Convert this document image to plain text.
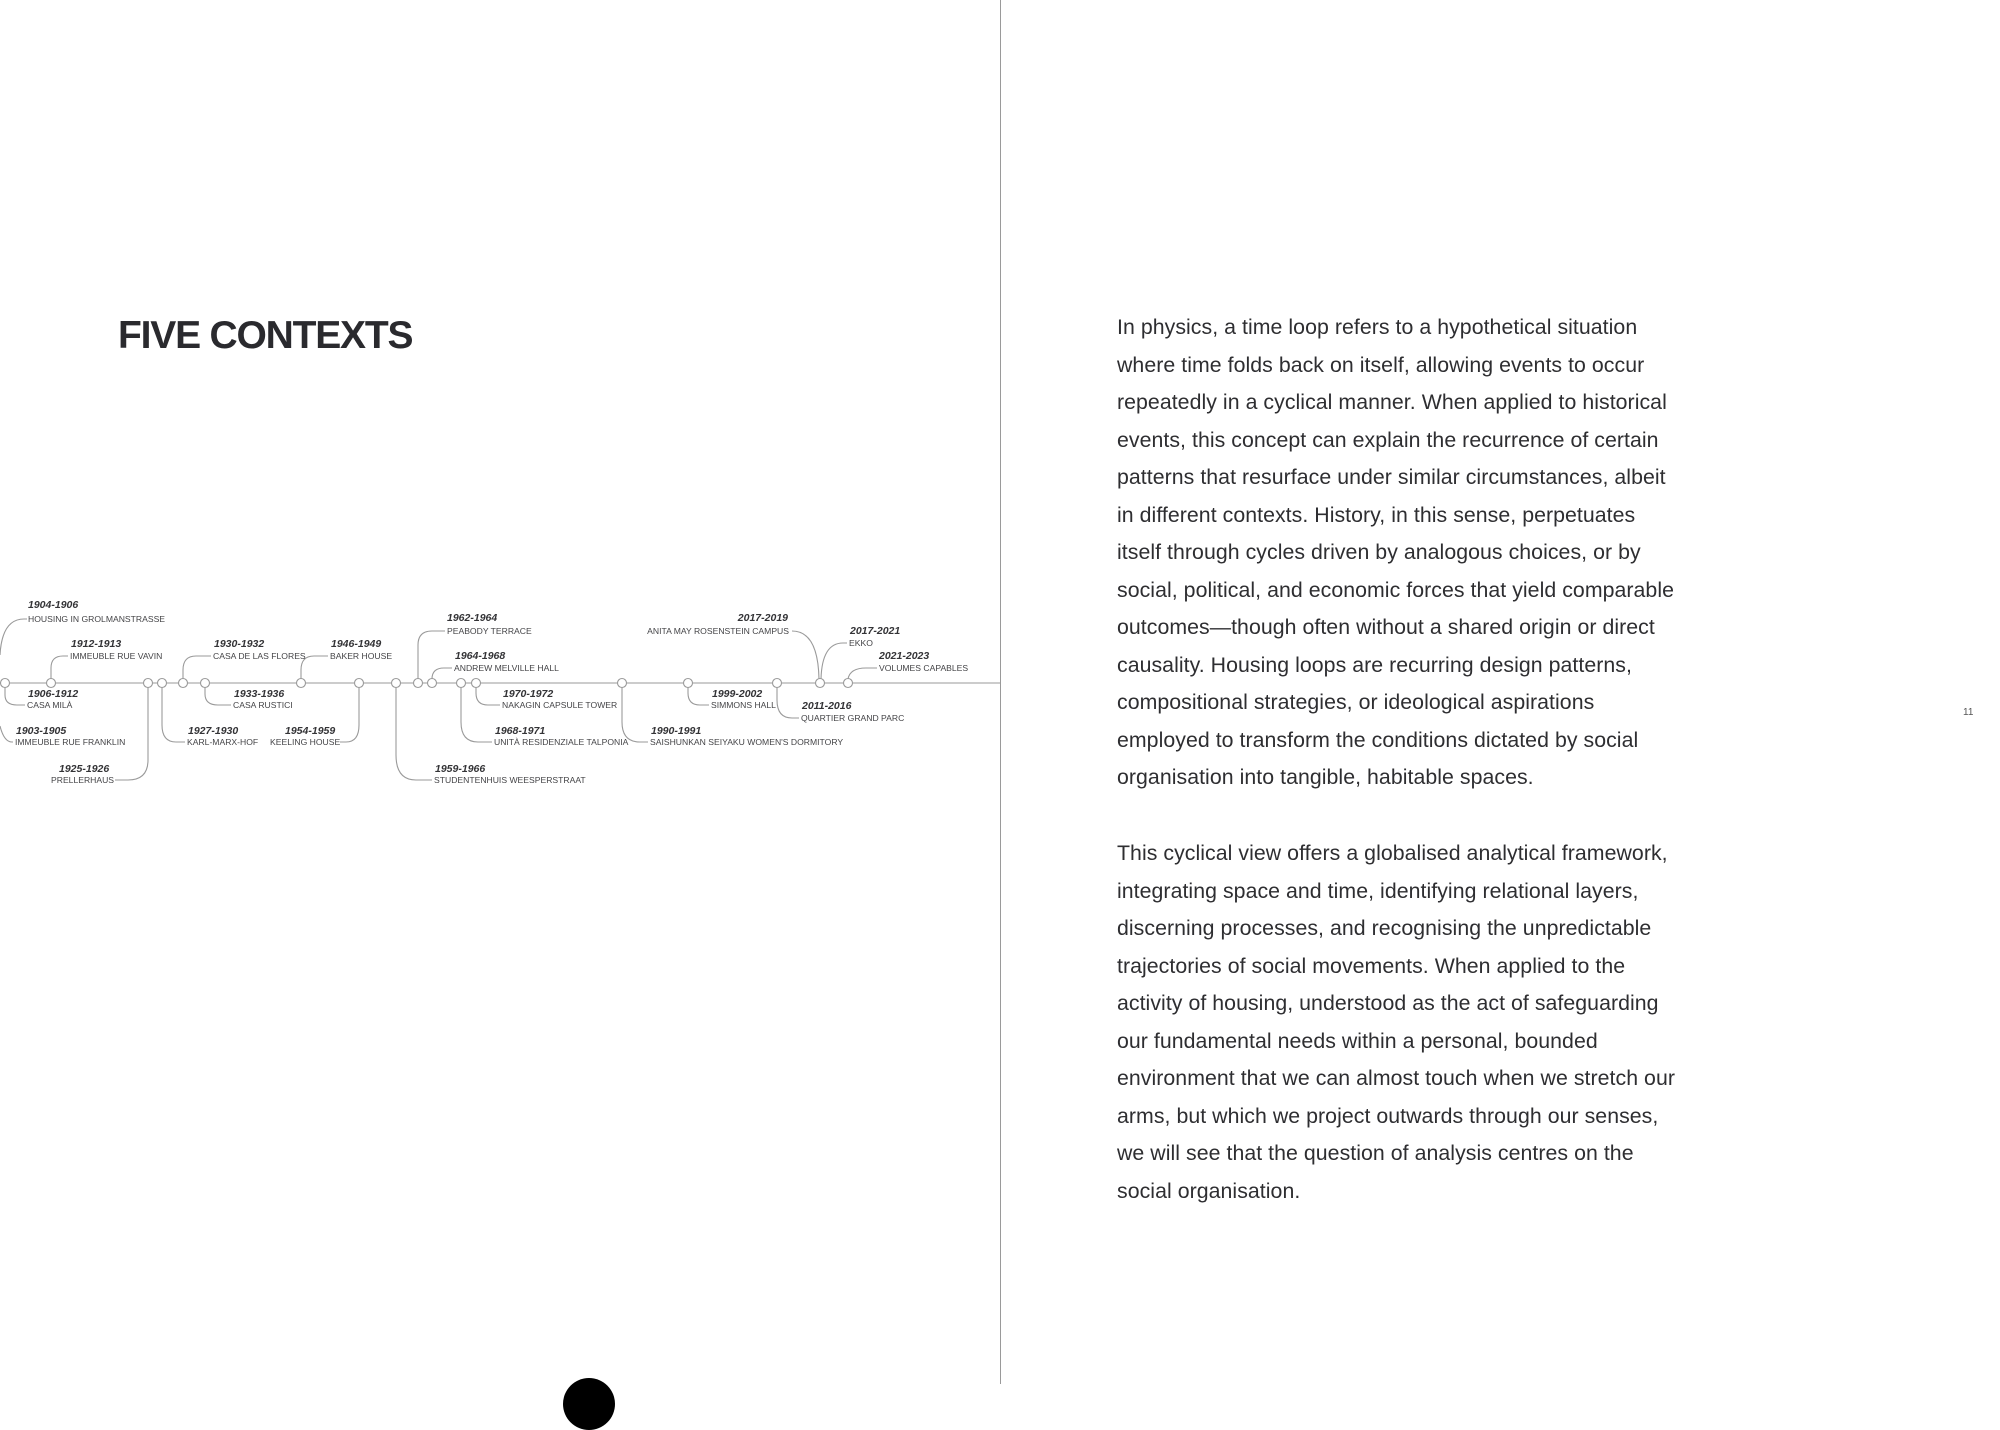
FIVE CONTEXTS
1904-1906
HOUSING IN GROLMANSTRASSE
1912-1913
IMMEUBLE RUE VAVIN
1906-1912
CASA MILÀ
1903-1905
IMMEUBLE RUE FRANKLIN
1925-1926
PRELLERHAUS
1930-1932
CASA DE LAS FLORES
1933-1936
CASA RUSTICI
1927-1930
KARL-MARX-HOF
1946-1949
BAKER HOUSE
1954-1959
KEELING HOUSE
1962-1964
PEABODY TERRACE
1964-1968
ANDREW MELVILLE HALL
1970-1972
NAKAGIN CAPSULE TOWER
1968-1971
UNITÀ RESIDENZIALE TALPONIA
1959-1966
STUDENTENHUIS WEESPERSTRAAT
1990-1991
SAISHUNKAN SEIYAKU WOMEN'S DORMITORY
1999-2002
SIMMONS HALL 2011-2016
QUARTIER GRAND PARC
2017-2019
ANITA MAY ROSENSTEIN CAMPUS	2017-2021
EKKO
2021-2023
VOLUMES CAPABLES
In physics, a time loop refers to a hypothetical situation
where time folds back on itself, allowing events to occur
repeatedly in a cyclical manner. When applied to historical
events, this concept can explain the recurrence of certain
patterns that resurface under similar circumstances, albeit
in different contexts. History, in this sense, perpetuates
itself through cycles driven by analogous choices, or by
social, political, and economic forces that yield comparable
outcomes—though often without a shared origin or direct
causality. Housing loops are recurring design patterns,
compositional strategies, or ideological aspirations
employed to transform the conditions dictated by social
organisation into tangible, habitable spaces.
This cyclical view offers a globalised analytical framework,
integrating space and time, identifying relational layers,
discerning processes, and recognising the unpredictable
trajectories of social movements. When applied to the
activity of housing, understood as the act of safeguarding
our fundamental needs within a personal, bounded
environment that we can almost touch when we stretch our
arms, but which we project outwards through our senses,
we will see that the question of analysis centres on the
social organisation.
11
